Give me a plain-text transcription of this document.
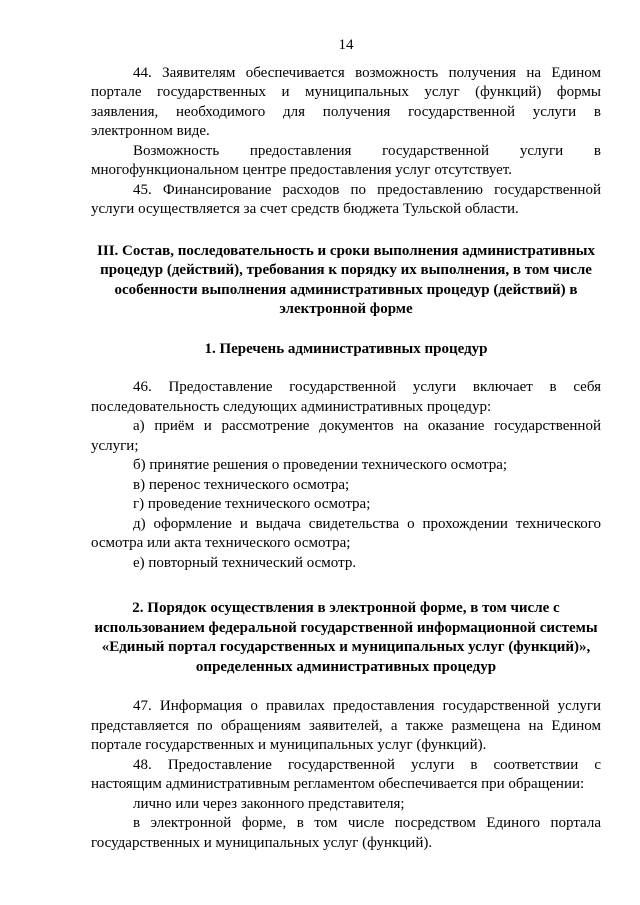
14

44. Заявителям обеспечивается возможность получения на Едином портале государственных и муниципальных услуг (функций) формы заявления, необходимого для получения государственной услуги в электронном виде.

Возможность предоставления государственной услуги в многофункциональном центре предоставления услуг отсутствует.

45. Финансирование расходов по предоставлению государственной услуги осуществляется за счет средств бюджета Тульской области.

III. Состав, последовательность и сроки выполнения административных процедур (действий), требования к порядку их выполнения, в том числе особенности выполнения административных процедур (действий) в электронной форме

1. Перечень административных процедур

46. Предоставление государственной услуги включает в себя последовательность следующих административных процедур:

а) приём и рассмотрение документов на оказание государственной услуги;

б) принятие решения о проведении технического осмотра;

в) перенос технического осмотра;

г) проведение технического осмотра;

д) оформление и выдача свидетельства о прохождении технического осмотра или акта технического осмотра;

е) повторный технический осмотр.

2. Порядок осуществления в электронной форме, в том числе с использованием федеральной государственной информационной системы «Единый портал государственных и муниципальных услуг (функций)», определенных административных процедур

47. Информация о правилах предоставления государственной услуги представляется по обращениям заявителей, а также размещена на Едином портале государственных и муниципальных услуг (функций).

48. Предоставление государственной услуги в соответствии с настоящим административным регламентом обеспечивается при обращении:

лично или через законного представителя;

в электронной форме, в том числе посредством Единого портала государственных и муниципальных услуг (функций).
